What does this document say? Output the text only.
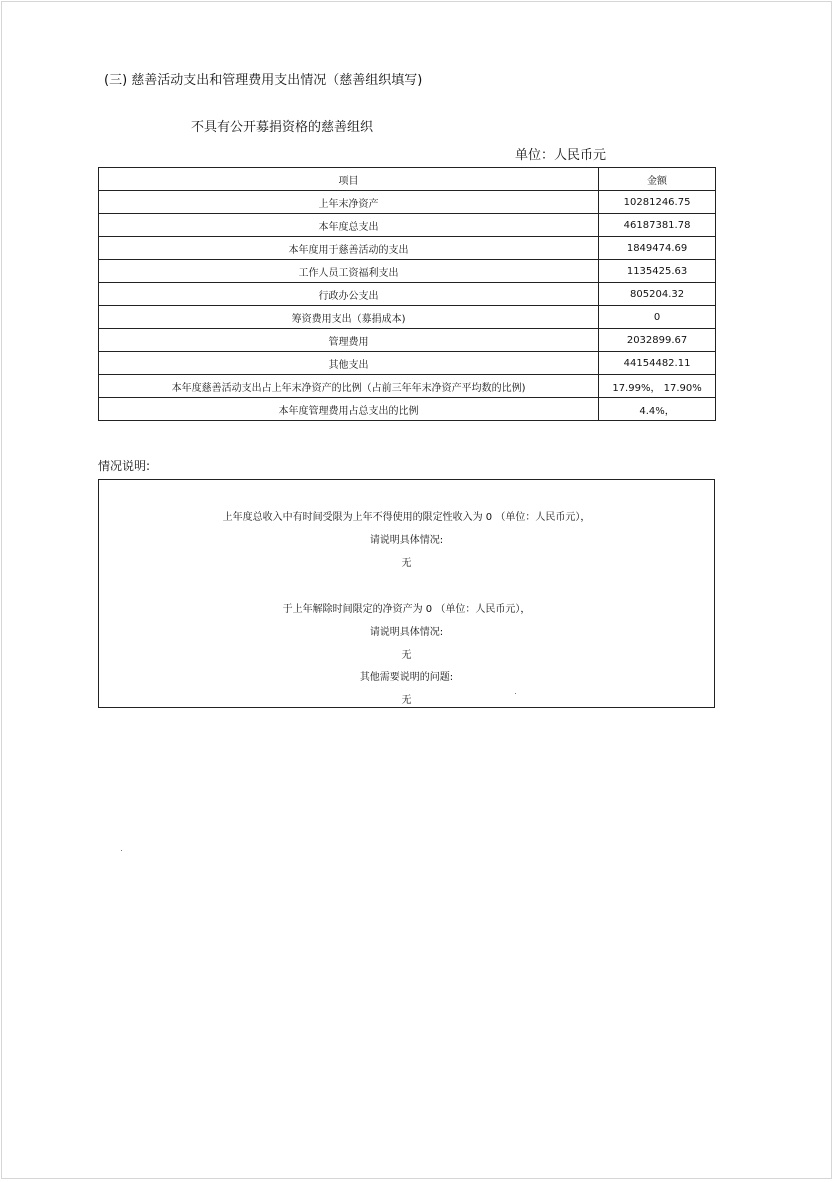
(三) 慈善活动支出和管理费用支出情况（慈善组织填写)
不具有公开募捐资格的慈善组织
单位：人民币元
项目	金额
上年末净资产	10281246.75
本年度总支出	46187381.78
本年度用于慈善活动的支出	1849474.69
工作人员工资福利支出	1135425.63
行政办公支出	805204.32
筹资费用支出（募捐成本)	0
管理费用	2032899.67
其他支出	44154482.11
本年度慈善活动支出占上年末净资产的比例（占前三年年末净资产平均数的比例)	17.99%， 17.90%
本年度管理费用占总支出的比例	4.4%，
情况说明:
上年度总收入中有时间受限为上年不得使用的限定性收入为 0 （单位：人民币元），
请说明具体情况:
无
于上年解除时间限定的净资产为 0 （单位：人民币元），
请说明具体情况:
无
其他需要说明的问题:
无
